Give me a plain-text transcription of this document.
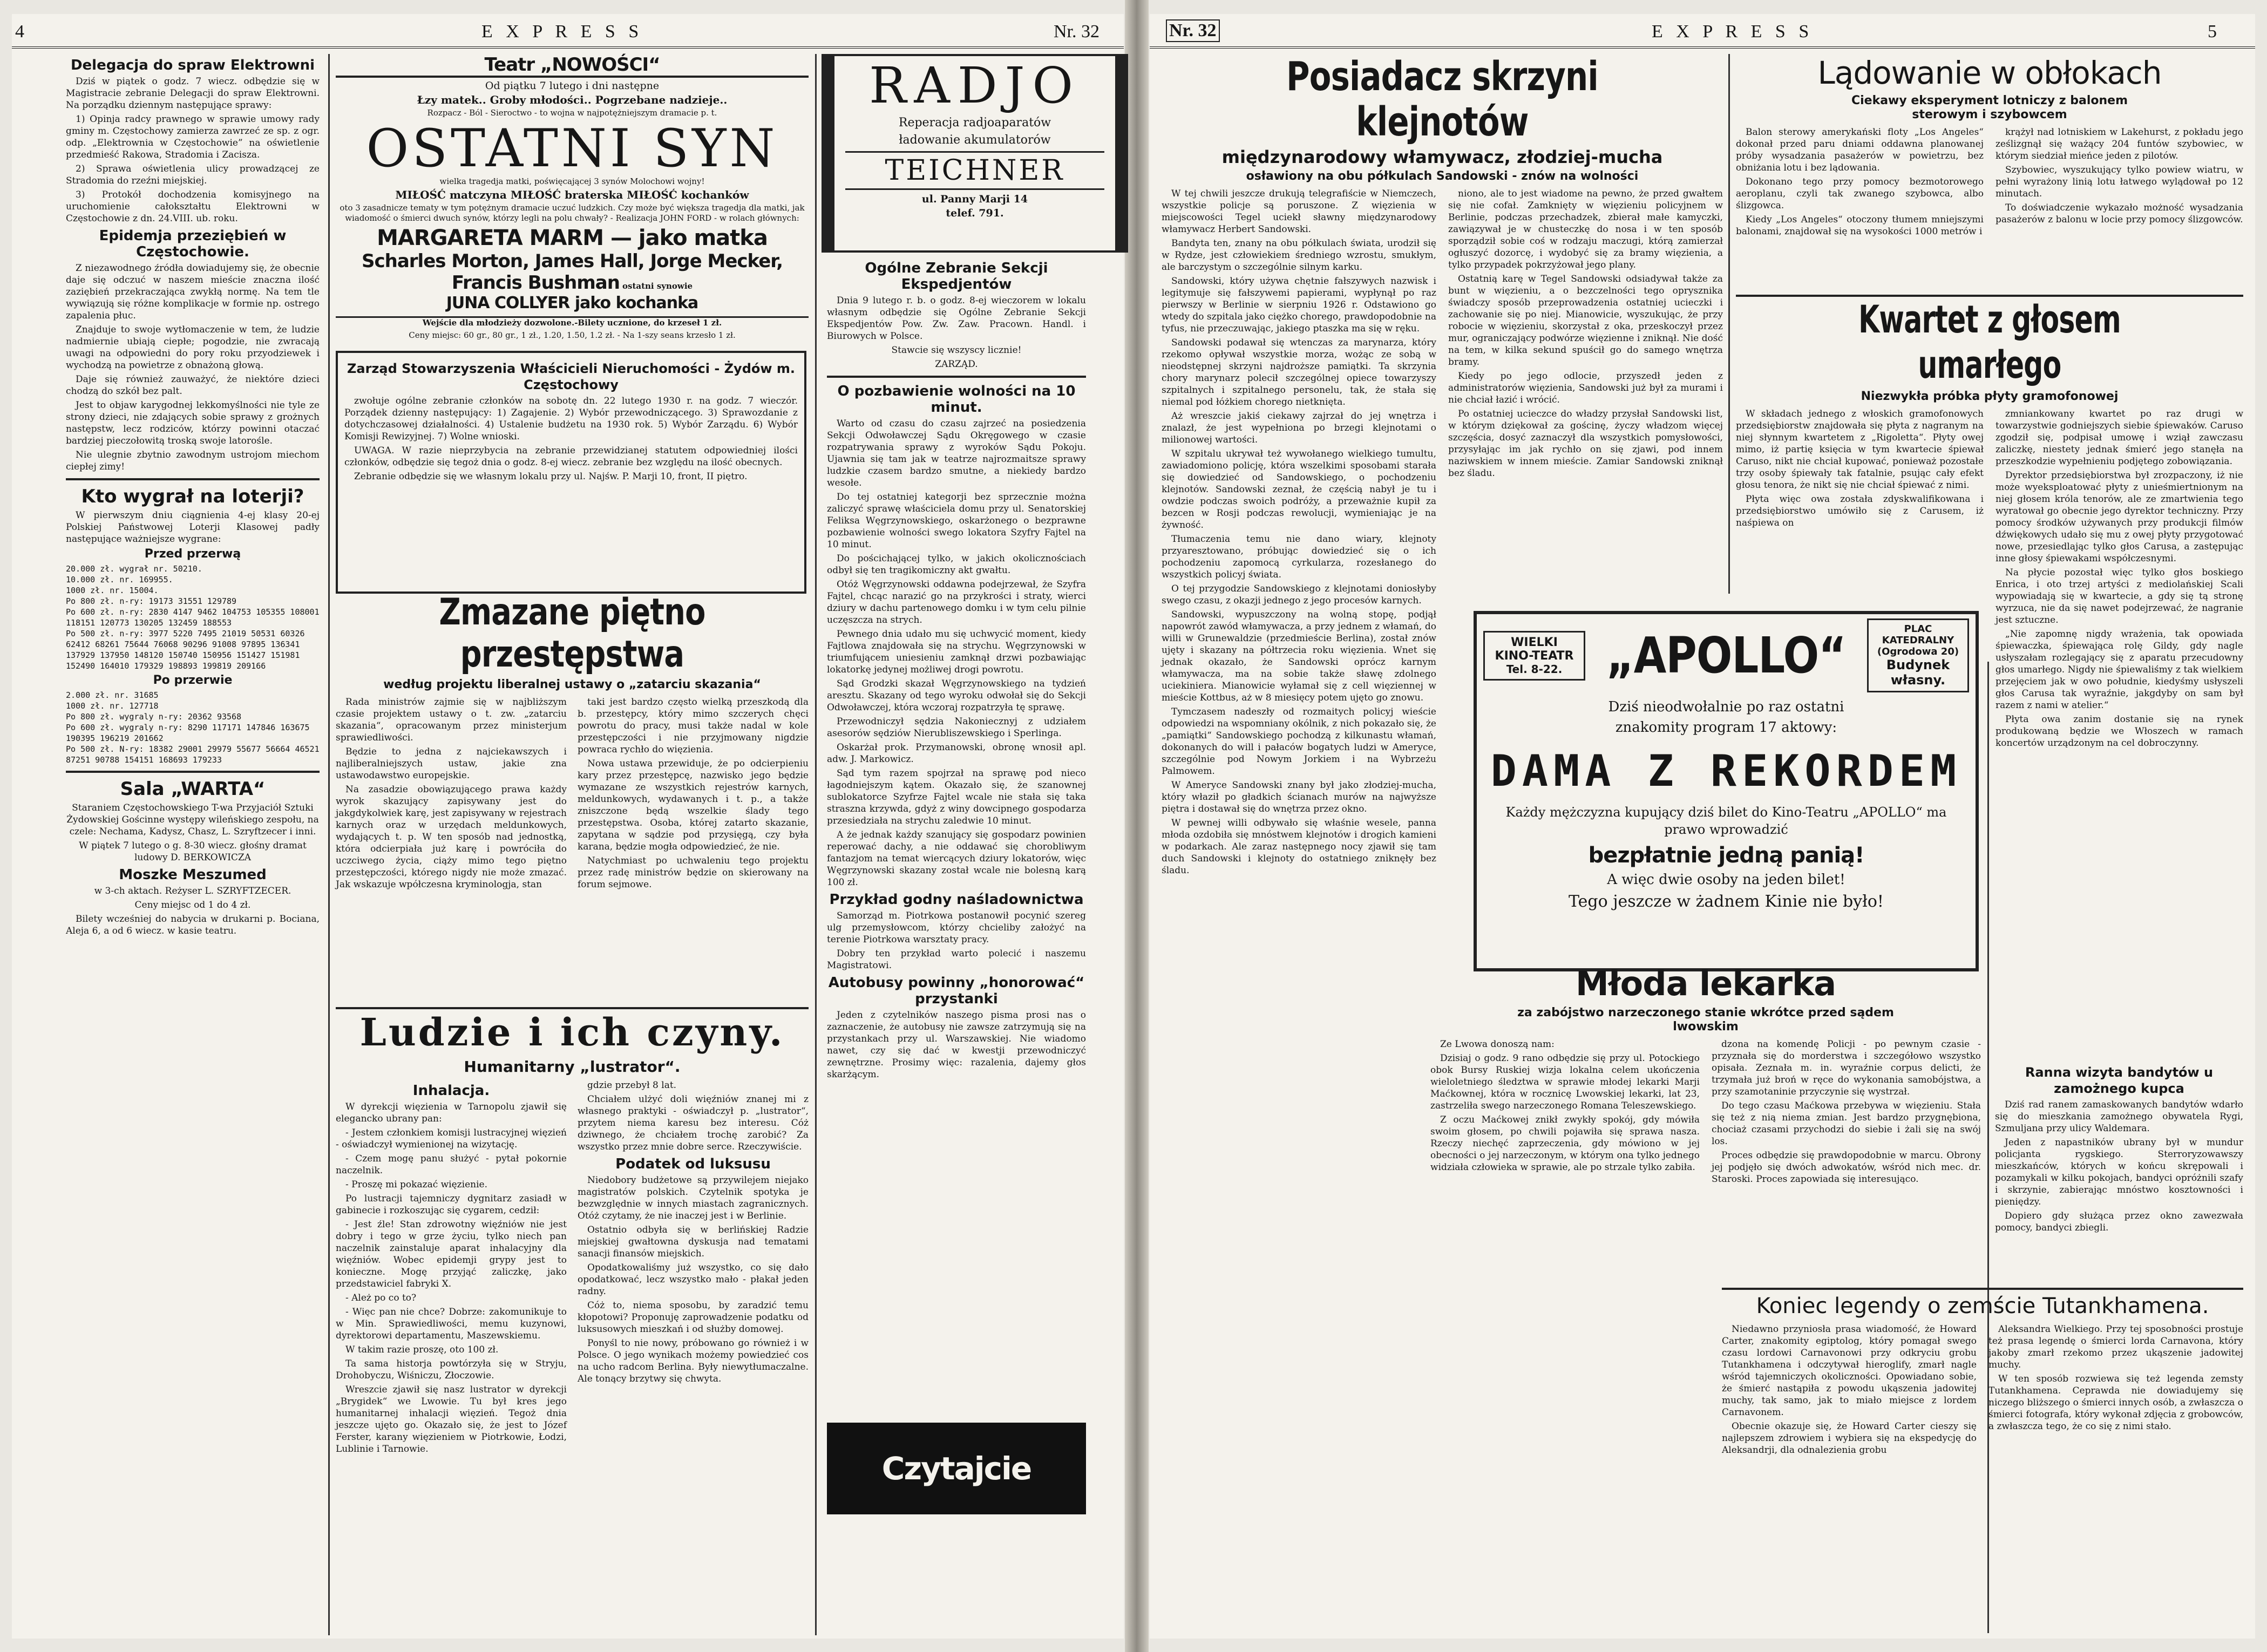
4	E X P R E S S	Nr. 32
Delegacja do spraw Elektrowni

Dziś w piątek o godz. 7 wiecz. odbędzie się w Magistracie zebranie Delegacji do spraw Elektrowni. Na porządku dziennym następujące sprawy:

1) Opinja radcy prawnego w sprawie umowy rady gminy m. Częstochowy zamierza zawrzeć ze sp. z ogr. odp. „Elektrownia w Częstochowie” na oświetlenie przedmieść Rakowa, Stradomia i Zacisza.

2) Sprawa oświetlenia ulicy prowadzącej ze Stradomia do rzeźni miejskiej.

3) Protokół dochodzenia komisyjnego na uruchomienie całokształtu Elektrowni w Częstochowie z dn. 24.VIII. ub. roku.

Epidemja przeziębień w Częstochowie.

Z niezawodnego źródła dowiadujemy się, że obecnie daje się odczuć w naszem mieście znaczna ilość zaziębień przekraczająca zwykłą normę. Na tem tle wywiązują się różne komplikacje w formie np. ostrego zapalenia płuc.

Znajduje to swoje wytłomaczenie w tem, że ludzie nadmiernie ubiają ciepłe; pogodzie, nie zwracają uwagi na odpowiedni do pory roku przyodziewek i wychodzą na powietrze z obnażoną głową.

Daje się również zauważyć, że niektóre dzieci chodzą do szkół bez palt.

Jest to objaw karygodnej lekkomyślności nie tyle ze strony dzieci, nie zdających sobie sprawy z grożnych następstw, lecz rodziców, którzy powinni otaczać bardziej pieczołowitą troską swoje latorośle.

Nie ulegnie zbytnio zawodnym ustrojom miechom ciepłej zimy!

Kto wygrał na loterji?

W pierwszym dniu ciągnienia 4-ej klasy 20-ej Polskiej Państwowej Loterji Klasowej padły następujące ważniejsze wygrane:

Przed przerwą
20.000 zł. wygrał nr. 50210.
10.000 zł. nr. 169955.
1000 zł. nr. 15004.
Po 800 zł. n-ry: 19173 31551 129789
Po 600 zł. n-ry: 2830 4147 9462 104753 105355 108001 118151 120773 130205 132459 188553
Po 500 zł. n-ry: 3977 5220 7495 21019 50531 60326 62412 68261 75644 76068 90296 91008 97895 136341 137929 137950 148120 150740 150956 151427 151981 152490 164010 179329 198893 199819 209166
Po przerwie
2.000 zł. nr. 31685
1000 zł. nr. 127718
Po 800 zł. wygraly n-ry: 20362 93568
Po 600 zł. wygraly n-ry: 8290 117171 147846 163675 190395 196219 201662
Po 500 zł. N-ry: 18382 29001 29979 55677 56664 46521 87251 90788 154151 168693 179233
Sala „WARTA“

Staraniem Częstochowskiego T-wa Przyjaciół Sztuki Żydowskiej Gościnne występy wileńskiego zespołu, na czele: Nechama, Kadysz, Chasz, L. Szryftzecer i inni.

W piątek 7 lutego o g. 8-30 wiecz. głośny dramat ludowy D. BERKOWICZA

Moszke Meszumed

w 3-ch aktach. Reżyser L. SZRYFTZECER.

Ceny miejsc od 1 do 4 zł.

Bilety wcześniej do nabycia w drukarni p. Bociana, Aleja 6, a od 6 wiecz. w kasie teatru.

Teatr „NOWOŚCI“

Od piątku 7 lutego i dni następne

Łzy matek.. Groby młodości.. Pogrzebane nadzieje..

Rozpacz - Ból - Sieroctwo - to wojna w najpotężniejszym dramacie p. t.

OSTATNI SYN

wielka tragedja matki, poświęcającej 3 synów Molochowi wojny!

MIŁOŚĆ matczyna MIŁOŚĆ braterska MIŁOŚĆ kochanków

oto 3 zasadnicze tematy w tym potężnym dramacie uczuć ludzkich. Czy może być większa tragedja dla matki, jak wiadomość o śmierci dwuch synów, którzy legli na polu chwały? - Realizacja JOHN FORD - w rolach głównych:

MARGARETA MARM — jako matka
Scharles Morton, James Hall, Jorge Mecker, Francis Bushman ostatni synowie
JUNA COLLYER jako kochanka

Wejście dla młodzieży dozwolone.-Bilety ucznione, do krzeseł 1 zł.

Ceny miejsc: 60 gr., 80 gr., 1 zł., 1.20, 1.50, 1.2 zł. - Na 1-szy seans krzesło 1 zł.

Zarząd Stowarzyszenia Właścicieli Nieruchomości - Żydów m. Częstochowy

zwołuje ogólne zebranie członków na sobotę dn. 22 lutego 1930 r. na godz. 7 wieczór. Porządek dzienny następujący: 1) Zagajenie. 2) Wybór przewodniczącego. 3) Sprawozdanie z dotychczasowej działalności. 4) Ustalenie budżetu na 1930 rok. 5) Wybór Zarządu. 6) Wybór Komisji Rewizyjnej. 7) Wolne wnioski.

UWAGA. W razie nieprzybycia na zebranie przewidzianej statutem odpowiedniej ilości członków, odbędzie się tegoż dnia o godz. 8-ej wiecz. zebranie bez względu na ilość obecnych.

Zebranie odbędzie się we własnym lokalu przy ul. Najśw. P. Marji 10, front, II piętro.

Zmazane piętno przestępstwa
według projektu liberalnej ustawy o „zatarciu skazania“

Rada ministrów zajmie się w najbliższym czasie projektem ustawy o t. zw. „zatarciu skazania“, opracowanym przez ministerjum sprawiedliwości.

Będzie to jedna z najciekawszych i najliberalniejszych ustaw, jakie zna ustawodawstwo europejskie.

Na zasadzie obowiązującego prawa każdy wyrok skazujący zapisywany jest do jakgdykolwiek karę, jest zapisywany w rejestrach karnych oraz w urzędach meldunkowych, wydających t. p. W ten sposób nad jednostką, która odcierpiała już karę i powróciła do uczciwego życia, ciąży mimo tego piętno przestępczości, którego nigdy nie może zmazać. Jak wskazuje wpółczesna kryminologja, stan

taki jest bardzo często wielką przeszkodą dla b. przestępcy, który mimo szczerych chęci powrotu do pracy, musi także nadal w kole przestępczości i nie przyjmowany nigdzie powraca rychło do więzienia.

Nowa ustawa przewiduje, że po odcierpieniu kary przez przestępcę, nazwisko jego będzie wymazane ze wszystkich rejestrów karnych, meldunkowych, wydawanych i t. p., a także zniszczone będą wszelkie ślady tego przestępstwa. Osoba, której zatarto skazanie, zapytana w sądzie pod przysięgą, czy była karana, będzie mogła odpowiedzieć, że nie.

Natychmiast po uchwaleniu tego projektu przez radę ministrów będzie on skierowany na forum sejmowe.

Ludzie i ich czyny.
Humanitarny „lustrator“.
Inhalacja.

W dyrekcji więzienia w Tarnopolu zjawił się elegancko ubrany pan:

- Jestem członkiem komisji lustracyjnej więzień - oświadczył wymienionej na wizytację.

- Czem mogę panu służyć - pytał pokornie naczelnik.

- Proszę mi pokazać więzienie.

Po lustracji tajemniczy dygnitarz zasiadł w gabinecie i rozkoszując się cygarem, cedził:

- Jest źle! Stan zdrowotny więźniów nie jest dobry i tego w grze życiu, tylko niech pan naczelnik zainstaluje aparat inhalacyjny dla więźniów. Wobec epidemji grypy jest to konieczne. Mogę przyjąć zaliczkę, jako przedstawiciel fabryki X.

- Ależ po co to?

- Więc pan nie chce? Dobrze: zakomunikuje to w Min. Sprawiedliwości, memu kuzynowi, dyrektorowi departamentu, Maszewskiemu.

W takim razie proszę, oto 100 zł.

Ta sama historja powtórzyła się w Stryju, Drohobyczu, Wiśniczu, Złoczowie.

Wreszcie zjawił się nasz lustrator w dyrekcji „Brygidek“ we Lwowie. Tu był kres jego humanitarnej inhalacji więzień. Tegoż dnia jeszcze ujęto go. Okazało się, że jest to Józef Ferster, karany więzieniem w Piotrkowie, Łodzi, Lublinie i Tarnowie.

gdzie przebył 8 lat.

Chciałem ulżyć doli więźniów znanej mi z własnego praktyki - oświadczył p. „lustrator“, przytem niema karesu bez interesu. Cóż dziwnego, że chciałem trochę zarobić? Za wszystko przez mnie dobre serce. Rzeczywiście.

Podatek od luksusu

Niedobory budżetowe są przywilejem niejako magistratów polskich. Czytelnik spotyka je bezwzględnie w innych miastach zagranicznych. Otóż czytamy, że nie inaczej jest i w Berlinie.

Ostatnio odbyła się w berlińskiej Radzie miejskiej gwałtowna dyskusja nad tematami sanacji finansów miejskich.

Opodatkowaliśmy już wszystko, co się dało opodatkować, lecz wszystko mało - płakał jeden radny.

Cóż to, niema sposobu, by zaradzić temu kłopotowi? Proponuję zaprowadzenie podatku od luksusowych mieszkań i od służby domowej.

Ponyśl to nie nowy, próbowano go również i w Polsce. O jego wynikach możemy powiedzieć cos na ucho radcom Berlina. Były niewytłumaczalne. Ale tonący brzytwy się chwyta.

RADJO

Reperacja radjoaparatów

ładowanie akumulatorów

TEICHNER

ul. Panny Marji 14

telef. 791.

Ogólne Zebranie Sekcji Ekspedjentów

Dnia 9 lutego r. b. o godz. 8-ej wieczorem w lokalu własnym odbędzie się Ogólne Zebranie Sekcji Ekspedjentów Pow. Zw. Zaw. Pracown. Handl. i Biurowych w Polsce.

Stawcie się wszyscy licznie!

ZARZĄD.

O pozbawienie wolności na 10 minut.

Warto od czasu do czasu zajrzeć na posiedzenia Sekcji Odwoławczej Sądu Okręgowego w czasie rozpatrywania sprawy z wyroków Sądu Pokoju. Ujawnia się tam jak w teatrze najrozmaitsze sprawy ludzkie czasem bardzo smutne, a niekiedy bardzo wesołe.

Do tej ostatniej kategorji bez sprzecznie można zaliczyć sprawę właściciela domu przy ul. Senatorskiej Feliksa Węgrzynowskiego, oskarżonego o bezprawne pozbawienie wolności swego lokatora Szyfry Fajtel na 10 minut.

Do pościchającej tylko, w jakich okolicznościach odbył się ten tragikomiczny akt gwałtu.

Otóż Węgrzynowski oddawna podejrzewał, że Szyfra Fajtel, chcąc narazić go na przykrości i straty, wierci dziury w dachu partenowego domku i w tym celu pilnie uczęszcza na strych.

Pewnego dnia udało mu się uchwycić moment, kiedy Fajtlowa znajdowała się na strychu. Węgrzynowski w triumfującem uniesieniu zamknął drzwi pozbawiając lokatorkę jedynej możliwej drogi powrotu.

Sąd Grodzki skazał Węgrzynowskiego na tydzień aresztu. Skazany od tego wyroku odwołał się do Sekcji Odwoławczej, która wczoraj rozpatrzyła tę sprawę.

Przewodniczył sędzia Nakoniecznyj z udziałem asesorów sędziów Nierubliszewskiego i Sperlinga.

Oskarżał prok. Przymanowski, obronę wnosił apl. adw. J. Markowicz.

Sąd tym razem spojrzał na sprawę pod nieco łagodniejszym kątem. Okazało się, że szanownej sublokatorce Szyfrze Fajtel wcale nie stała się taka straszna krzywda, gdyż z winy dowcipnego gospodarza przesiedziała na strychu zaledwie 10 minut.

A że jednak każdy szanujący się gospodarz powinien reperować dachy, a nie oddawać się chorobliwym fantazjom na temat wiercących dziury lokatorów, więc Węgrzynowski skazany został wcale nie bolesną karą 100 zł.

Przykład godny naśladownictwa

Samorząd m. Piotrkowa postanowił pocynić szereg ulg przemysłowcom, którzy chcieliby założyć na terenie Piotrkowa warsztaty pracy.

Dobry ten przykład warto polecić i naszemu Magistratowi.

Autobusy powinny „honorować“ przystanki

Jeden z czytelników naszego pisma prosi nas o zaznaczenie, że autobusy nie zawsze zatrzymują się na przystankach przy ul. Warszawskiej. Nie wiadomo nawet, czy się dać w kwestji przewodniczyć zewnętrzne. Prosimy więc: razalenia, dajemy głos skarżącym.

Czytajcie Express
Nr. 32	E X P R E S S	5
Posiadacz skrzyni klejnotów
międzynarodowy włamywacz, złodziej-mucha
osławiony na obu półkulach Sandowski - znów na wolności

W tej chwili jeszcze drukują telegrafiście w Niemczech, wszystkie policje są poruszone. Z więzienia w miejscowości Tegel uciekł sławny międzynarodowy włamywacz Herbert Sandowski.

Bandyta ten, znany na obu półkulach świata, urodził się w Rydze, jest człowiekiem średniego wzrostu, smukłym, ale barczystym o szczególnie silnym karku.

Sandowski, który używa chętnie fałszywych nazwisk i legitymuje się fałszywemi papierami, wypłynął po raz pierwszy w Berlinie w sierpniu 1926 r. Odstawiono go wtedy do szpitala jako ciężko chorego, prawdopodobnie na tyfus, nie przeczuwając, jakiego ptaszka ma się w ręku.

Sandowski podawał się wtenczas za marynarza, który rzekomo opływał wszystkie morza, wożąc ze sobą w nieodstępnej skrzyni najdroższe pamiątki. Ta skrzynia chory marynarz polecił szczególnej opiece towarzyszy szpitalnych i szpitalnego personelu, tak, że stała się niemal pod łóżkiem chorego nietknięta.

Aż wreszcie jakiś ciekawy zajrzał do jej wnętrza i znalazł, że jest wypełniona po brzegi klejnotami o milionowej wartości.

W szpitalu ukrywał też wywołanego wielkiego tumultu, zawiadomiono policję, która wszelkimi sposobami starała się dowiedzieć od Sandowskiego, o pochodzeniu klejnotów. Sandowski zeznał, że częścią nabył je tu i owdzie podczas swoich podróży, a przeważnie kupił za bezcen w Rosji podczas rewolucji, wymieniając je na żywność.

Tłumaczenia temu nie dano wiary, klejnoty przyaresztowano, próbując dowiedzieć się o ich pochodzeniu zapomocą cyrkularza, rozesłanego do wszystkich policyj świata.

O tej przygodzie Sandowskiego z klejnotami doniosłyby swego czasu, z okazji jednego z jego procesów karnych.

Sandowski, wypuszczony na wolną stopę, podjął napowrót zawód włamywacza, a przy jednem z włamań, do willi w Grunewaldzie (przedmieście Berlina), został znów ujęty i skazany na półtrzecia roku więzienia. Wnet się jednak okazało, że Sandowski oprócz karnym włamywacza, ma na sobie także sławę zdolnego uciekiniera. Mianowicie wyłamał się z cell więziennej w mieście Kottbus, aż w 8 miesięcy potem ujęto go znowu.

Tymczasem nadeszły od rozmaitych policyj wieście odpowiedzi na wspomniany okólnik, z nich pokazało się, że „pamiątki“ Sandowskiego pochodzą z kilkunastu włamań, dokonanych do will i pałaców bogatych ludzi w Ameryce, szczególnie pod Nowym Jorkiem i na Wybrzeżu Palmowem.

W Ameryce Sandowski znany był jako złodziej-mucha, który właził po gładkich ścianach murów na najwyższe piętra i dostawał się do wnętrza przez okno.

W pewnej willi odbywało się właśnie wesele, panna młoda ozdobiła się mnóstwem klejnotów i drogich kamieni w podarkach. Ale zaraz następnego nocy zjawił się tam duch Sandowski i klejnoty do ostatniego zniknęły bez śladu.

niono, ale to jest wiadome na pewno, że przed gwałtem się nie cofał. Zamknięty w więzieniu policyjnem w Berlinie, podczas przechadzek, zbierał małe kamyczki, zawiązywał je w chusteczkę do nosa i w ten sposób sporządził sobie coś w rodzaju maczugi, którą zamierzał ogłuszyć dozorcę, i wydobyć się za bramy więzienia, a tylko przypadek pokrzyżował jego plany.

Ostatnią karę w Tegel Sandowski odsiadywał także za bunt w więzieniu, a o bezczelności tego oprysznika świadczy sposób przeprowadzenia ostatniej ucieczki i zachowanie się po niej. Mianowicie, wyszukując, że przy robocie w więzieniu, skorzystał z oka, przeskoczył przez mur, ograniczający podwórze więzienne i zniknął. Nie dość na tem, w kilka sekund spuścił go do samego wnętrza bramy.

Kiedy po jego odlocie, przyszedł jeden z administratorów więzienia, Sandowski już był za murami i nie chciał łazić i wrócić.

Po ostatniej ucieczce do władzy przysłał Sandowski list, w którym dziękował za gościnę, życzy władzom więcej szczęścia, dosyć zaznaczył dla wszystkich pomysłowości, przysyłając im jak rychło on się zjawi, pod innem naziwskiem w innem mieście. Zamiar Sandowski zniknął bez śladu.

Lądowanie w obłokach
Ciekawy eksperyment lotniczy z balonem sterowym i szybowcem

Balon sterowy amerykański floty „Los Angeles“ dokonał przed paru dniami oddawna planowanej próby wysadzania pasażerów w powietrzu, bez obniżania lotu i bez lądowania.

Dokonano tego przy pomocy bezmotorowego aeroplanu, czyli tak zwanego szybowca, albo ślizgowca.

Kiedy „Los Angeles“ otoczony tłumem mniejszymi balonami, znajdował się na wysokości 1000 metrów i

krążył nad lotniskiem w Lakehurst, z pokładu jego ześlizgnął się ważący 204 funtów szybowiec, w którym siedział mieńce jeden z pilotów.

Szybowiec, wyszukujący tylko powiew wiatru, w pełni wyrażony linią lotu łatwego wylądował po 12 minutach.

To doświadczenie wykazało możność wysadzania pasażerów z balonu w locie przy pomocy ślizgowców.

Kwartet z głosem umarłego
Niezwykła próbka płyty gramofonowej

W składach jednego z włoskich gramofonowych przedsiębiorstw znajdowała się płyta z nagranym na niej słynnym kwartetem z „Rigoletta“. Płyty owej mimo, iż partię księcia w tym kwartecie śpiewał Caruso, nikt nie chciał kupować, ponieważ pozostałe trzy osoby śpiewały tak fatalnie, psując cały efekt głosu tenora, że nikt się nie chciał śpiewać z nimi.

Płyta więc owa została zdyskwalifikowana i przedsiębiorstwo umówiło się z Carusem, iż naśpiewa on

zmniankowany kwartet po raz drugi w towarzystwie godniejszych siebie śpiewaków. Caruso zgodził się, podpisał umowę i wziął zawczasu zaliczkę, niestety jednak śmierć jego stanęła na przeszkodzie wypełnieniu podjętego zobowiązania.

Dyrektor przedsiębiorstwa był zrozpaczony, iż nie może wyeksploatować płyty z unieśmiertnionym na niej głosem króla tenorów, ale ze zmartwienia tego wyratował go obecnie jego dyrektor techniczny. Przy pomocy środków używanych przy produkcji filmów dźwiękowych udało się mu z owej płyty przygotować nowe, przesiedlając tylko głos Carusa, a zastępując inne głosy śpiewakami współczesnymi.

Na płycie pozostał więc tylko głos boskiego Enrica, i oto trzej artyści z mediolańskiej Scali wypowiadają się w kwartecie, a gdy się tą stronę wyrzuca, nie da się nawet podejrzewać, że nagranie jest sztuczne.

„Nie zapomnę nigdy wrażenia, tak opowiada śpiewaczka, śpiewająca rolę Gildy, gdy nagle usłyszałam rozlegający się z aparatu przecudowny głos umarłego. Nigdy nie śpiewaliśmy z tak wielkiem przejęciem jak w owo południe, kiedyśmy usłyszeli głos Carusa tak wyraźnie, jakgdyby on sam był razem z nami w atelier.“

Płyta owa zanim dostanie się na rynek produkowaną będzie we Włoszech w ramach koncertów urządzonym na cel dobroczynny.

WIELKI
KINO-TEATR
Tel. 8-22. „APOLLO“	PLAC KATEDRALNY
(Ogrodowa 20)
Budynek własny.

Dziś nieodwołalnie po raz ostatni

znakomity program 17 aktowy:

DAMA Z REKORDEM

Każdy mężczyzna kupujący dziś bilet do Kino-Teatru „APOLLO“ ma prawo wprowadzić

bezpłatnie jedną panią!

A więc dwie osoby na jeden bilet!

Tego jeszcze w żadnem Kinie nie było!

Młoda lekarka
za zabójstwo narzeczonego stanie wkrótce przed sądem lwowskim

Ze Lwowa donoszą nam:

Dzisiaj o godz. 9 rano odbędzie się przy ul. Potockiego obok Bursy Ruskiej wizja lokalna celem ukończenia wieloletniego śledztwa w sprawie młodej lekarki Marji Maćkownej, która w rocznicę Lwowskiej lekarki, lat 23, zastrzeliła swego narzeczonego Romana Teleszewskiego.

Z oczu Maćkowej znikł zwykły spokój, gdy mówiła swoim głosem, po chwili pojawiła się sprawa nasza. Rzeczy niechęć zaprzeczenia, gdy mówiono w jej obecności o jej narzeczonym, w którym ona tylko jednego widziała człowieka w sprawie, ale po strzale tylko zabiła.

dzona na komendę Policji - po pewnym czasie - przyznała się do morderstwa i szczegółowo wszystko opisała. Zeznała m. in. wyraźnie corpus delicti, że trzymała już broń w ręce do wykonania samobójstwa, a przy szamotaninie przyczynie się wystrzał.

Do tego czasu Maćkowa przebywa w więzieniu. Stała się też z nią niema zmian. Jest bardzo przygnębiona, chociaż czasami przychodzi do siebie i żali się na swój los.

Proces odbędzie się prawdopodobnie w marcu. Obrony jej podjęło się dwóch adwokatów, wśród nich mec. dr. Staroski. Proces zapowiada się interesująco.

Ranna wizyta bandytów u zamożnego kupca

Dziś rad ranem zamaskowanych bandytów wdarło się do mieszkania zamożnego obywatela Rygi, Szmuljana przy ulicy Waldemara.

Jeden z napastników ubrany był w mundur policjanta rygskiego. Sterroryzowawszy mieszkańców, których w końcu skrępowali i pozamykali w kilku pokojach, bandyci opróżnili szafy i skrzynie, zabierając mnóstwo kosztowności i pieniędzy.

Dopiero gdy służąca przez okno zawezwała pomocy, bandyci zbiegli.

Koniec legendy o zemście Tutankhamena.

Niedawno przyniosła prasa wiadomość, że Howard Carter, znakomity egiptolog, który pomagał swego czasu lordowi Carnavonowi przy odkryciu grobu Tutankhamena i odczytywał hieroglify, zmarł nagle wśród tajemniczych okoliczności. Opowiadano sobie, że śmierć nastąpiła z powodu ukąszenia jadowitej muchy, tak samo, jak to miało miejsce z lordem Carnavonem.

Obecnie okazuje się, że Howard Carter cieszy się najlepszem zdrowiem i wybiera się na ekspedycję do Aleksandrji, dla odnalezienia grobu

Aleksandra Wielkiego. Przy tej sposobności prostuje też prasa legendę o śmierci lorda Carnavona, który jakoby zmarł rzekomo przez ukąszenie jadowitej muchy.

W ten sposób rozwiewa się też legenda zemsty Tutankhamena. Ceprawda nie dowiadujemy się niczego bliższego o śmierci innych osób, a zwłaszcza o śmierci fotografa, który wykonał zdjęcia z grobowców, a zwłaszcza tego, że co się z nimi stało.
